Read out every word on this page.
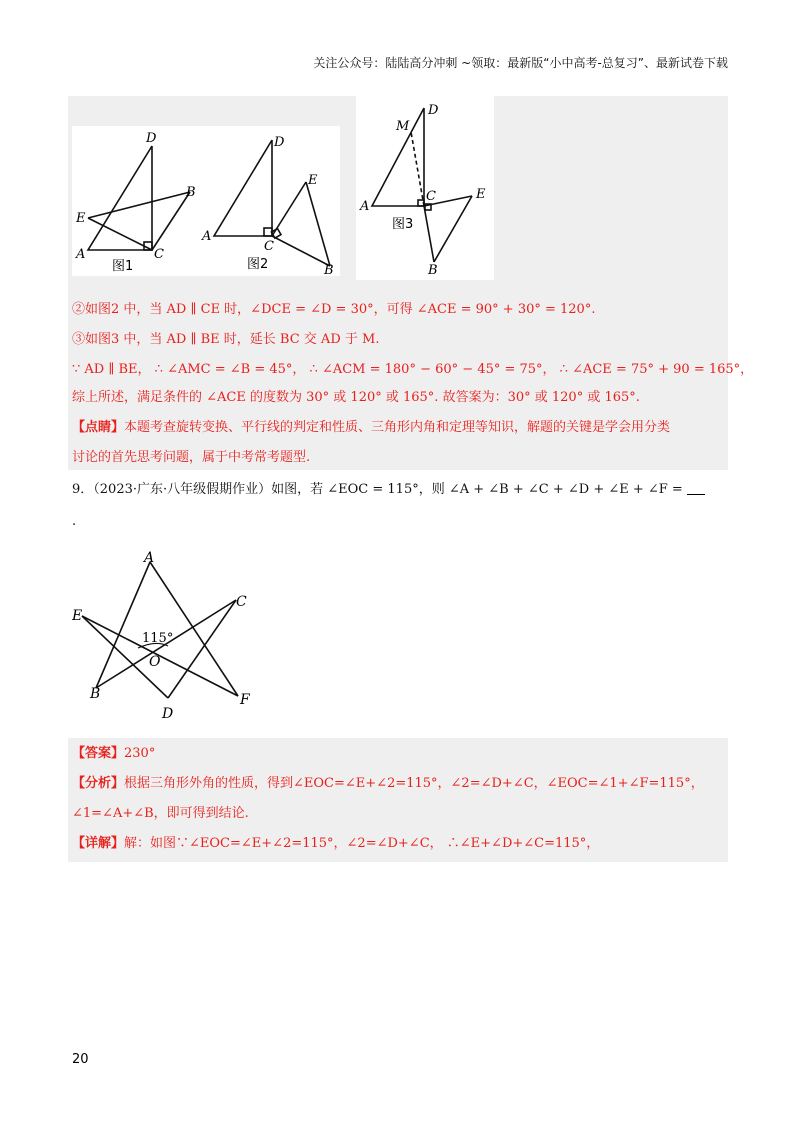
关注公众号：陆陆高分冲刺 ~领取：最新版“小中高考-总复习”、最新试卷下载
D
B
E
A	C
图1
D
E
A
C
B
图2
D
M
C	E
A
B
图3
②如图2 中，当 AD ∥ CE 时，∠DCE = ∠D = 30°，可得 ∠ACE = 90° + 30° = 120°.
③如图3 中，当 AD ∥ BE 时，延长 BC 交 AD 于 M.
∵ AD ∥ BE， ∴ ∠AMC = ∠B = 45°， ∴ ∠ACM = 180° − 60° − 45° = 75°， ∴ ∠ACE = 75° + 90 = 165°，
综上所述，满足条件的 ∠ACE 的度数为 30° 或 120° 或 165°. 故答案为：30° 或 120° 或 165°.
【点睛】本题考查旋转变换、平行线的判定和性质、三角形内角和定理等知识，解题的关键是学会用分类
讨论的首先思考问题，属于中考常考题型.
9．（2023·广东·八年级假期作业）如图，若 ∠EOC = 115°，则 ∠A + ∠B + ∠C + ∠D + ∠E + ∠F =
.
A
C
E
115°
O
B
D
F
【答案】230°
【分析】根据三角形外角的性质，得到∠EOC=∠E+∠2=115°，∠2=∠D+∠C，∠EOC=∠1+∠F=115°，
∠1=∠A+∠B，即可得到结论.
【详解】解：如图∵∠EOC=∠E+∠2=115°，∠2=∠D+∠C， ∴∠E+∠D+∠C=115°，
20
